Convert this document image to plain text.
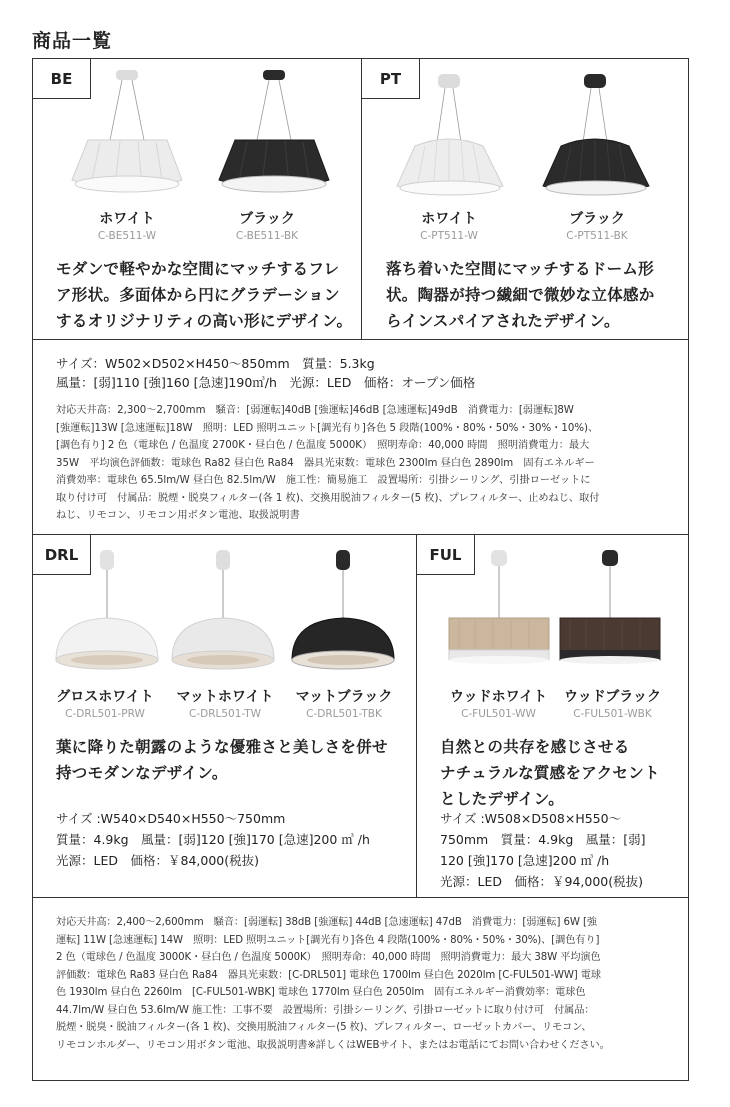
商品一覧
BE	PT
DRL	FUL
ホワイト
C-BE511-W
ブラック
C-BE511-BK
モダンで軽やかな空間にマッチするフレ
ア形状。多面体から円にグラデーション
するオリジナリティの高い形にデザイン。
ホワイト
C-PT511-W
ブラック
C-PT511-BK
落ち着いた空間にマッチするドーム形
状。陶器が持つ繊細で微妙な立体感か
らインスパイアされたデザイン。
サイズ：W502×D502×H450～850mm　質量：5.3kg
風量：[弱]110 [強]160 [急速]190㎥/h　光源：LED　価格：オープン価格
対応天井高：2,300～2,700mm　騒音：[弱運転]40dB [強運転]46dB [急速運転]49dB　消費電力：[弱運転]8W
[強運転]13W [急速運転]18W　照明：LED 照明ユニット[調光有り]各色 5 段階(100%・80%・50%・30%・10%)、
[調色有り] 2 色（電球色 / 色温度 2700K・昼白色 / 色温度 5000K）　照明寿命：40,000 時間　照明消費電力：最大
35W　平均演色評価数：電球色 Ra82 昼白色 Ra84　器具光束数：電球色 2300lm 昼白色 2890lm　固有エネルギー
消費効率：電球色 65.5lm/W 昼白色 82.5lm/W　施工性：簡易施工　設置場所：引掛シーリング、引掛ローゼットに
取り付け可　付属品：脱煙・脱臭フィルター(各 1 枚)、交換用脱油フィルター(5 枚)、プレフィルター、止めねじ、取付
ねじ、リモコン、リモコン用ボタン電池、取扱説明書
グロスホワイト
C-DRL501-PRW
マットホワイト
C-DRL501-TW
マットブラック
C-DRL501-TBK
葉に降りた朝露のような優雅さと美しさを併せ
持つモダンなデザイン。
サイズ :W540×D540×H550～750mm
質量：4.9kg　風量：[弱]120 [強]170 [急速]200 ㎥ /h
光源：LED　価格：￥84,000(税抜)
ウッドホワイト
C-FUL501-WW
ウッドブラック
C-FUL501-WBK
自然との共存を感じさせる
ナチュラルな質感をアクセント
としたデザイン。
サイズ :W508×D508×H550～
750mm　質量：4.9kg　風量：[弱]
120 [強]170 [急速]200 ㎥ /h
光源：LED　価格：￥94,000(税抜)
対応天井高：2,400～2,600mm　騒音：[弱運転] 38dB [強運転] 44dB [急速運転] 47dB　消費電力：[弱運転] 6W [強
運転] 11W [急速運転] 14W　照明：LED 照明ユニット[調光有り]各色 4 段階(100%・80%・50%・30%)、[調色有り]
2 色（電球色 / 色温度 3000K・昼白色 / 色温度 5000K）　照明寿命：40,000 時間　照明消費電力：最大 38W 平均演色
評価数：電球色 Ra83 昼白色 Ra84　器具光束数：[C-DRL501] 電球色 1700lm 昼白色 2020lm [C-FUL501-WW] 電球
色 1930lm 昼白色 2260lm　[C-FUL501-WBK] 電球色 1770lm 昼白色 2050lm　固有エネルギー消費効率：電球色
44.7lm/W 昼白色 53.6lm/W 施工性：工事不要　設置場所：引掛シーリング、引掛ローゼットに取り付け可　付属品：
脱煙・脱臭・脱油フィルター(各 1 枚)、交換用脱油フィルター(5 枚)、プレフィルター、ローゼットカバー、リモコン、
リモコンホルダー、リモコン用ボタン電池、取扱説明書※詳しくはWEBサイト、またはお電話にてお問い合わせください。
